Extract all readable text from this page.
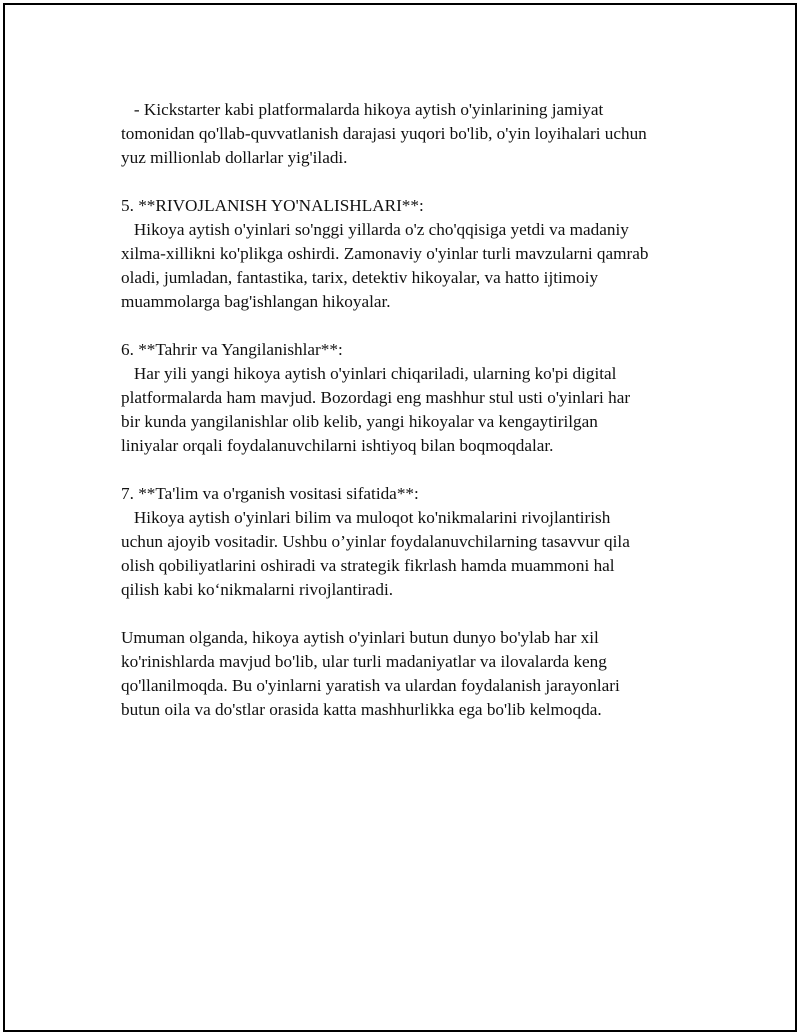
- Kickstarter kabi platformalarda hikoya aytish o'yinlarining jamiyat
tomonidan qo'llab-quvvatlanish darajasi yuqori bo'lib, o'yin loyihalari uchun
yuz millionlab dollarlar yig'iladi.
5. **RIVOJLANISH YO'NALISHLARI**:
Hikoya aytish o'yinlari so'nggi yillarda o'z cho'qqisiga yetdi va madaniy
xilma-xillikni ko'plikga oshirdi. Zamonaviy o'yinlar turli mavzularni qamrab
oladi, jumladan, fantastika, tarix, detektiv hikoyalar, va hatto ijtimoiy
muammolarga bag'ishlangan hikoyalar.
6. **Tahrir va Yangilanishlar**:
Har yili yangi hikoya aytish o'yinlari chiqariladi, ularning ko'pi digital
platformalarda ham mavjud. Bozordagi eng mashhur stul usti o'yinlari har
bir kunda yangilanishlar olib kelib, yangi hikoyalar va kengaytirilgan
liniyalar orqali foydalanuvchilarni ishtiyoq bilan boqmoqdalar.
7. **Ta'lim va o'rganish vositasi sifatida**:
Hikoya aytish o'yinlari bilim va muloqot ko'nikmalarini rivojlantirish
uchun ajoyib vositadir. Ushbu o’yinlar foydalanuvchilarning tasavvur qila
olish qobiliyatlarini oshiradi va strategik fikrlash hamda muammoni hal
qilish kabi ko‘nikmalarni rivojlantiradi.
Umuman olganda, hikoya aytish o'yinlari butun dunyo bo'ylab har xil
ko'rinishlarda mavjud bo'lib, ular turli madaniyatlar va ilovalarda keng
qo'llanilmoqda. Bu o'yinlarni yaratish va ulardan foydalanish jarayonlari
butun oila va do'stlar orasida katta mashhurlikka ega bo'lib kelmoqda.
